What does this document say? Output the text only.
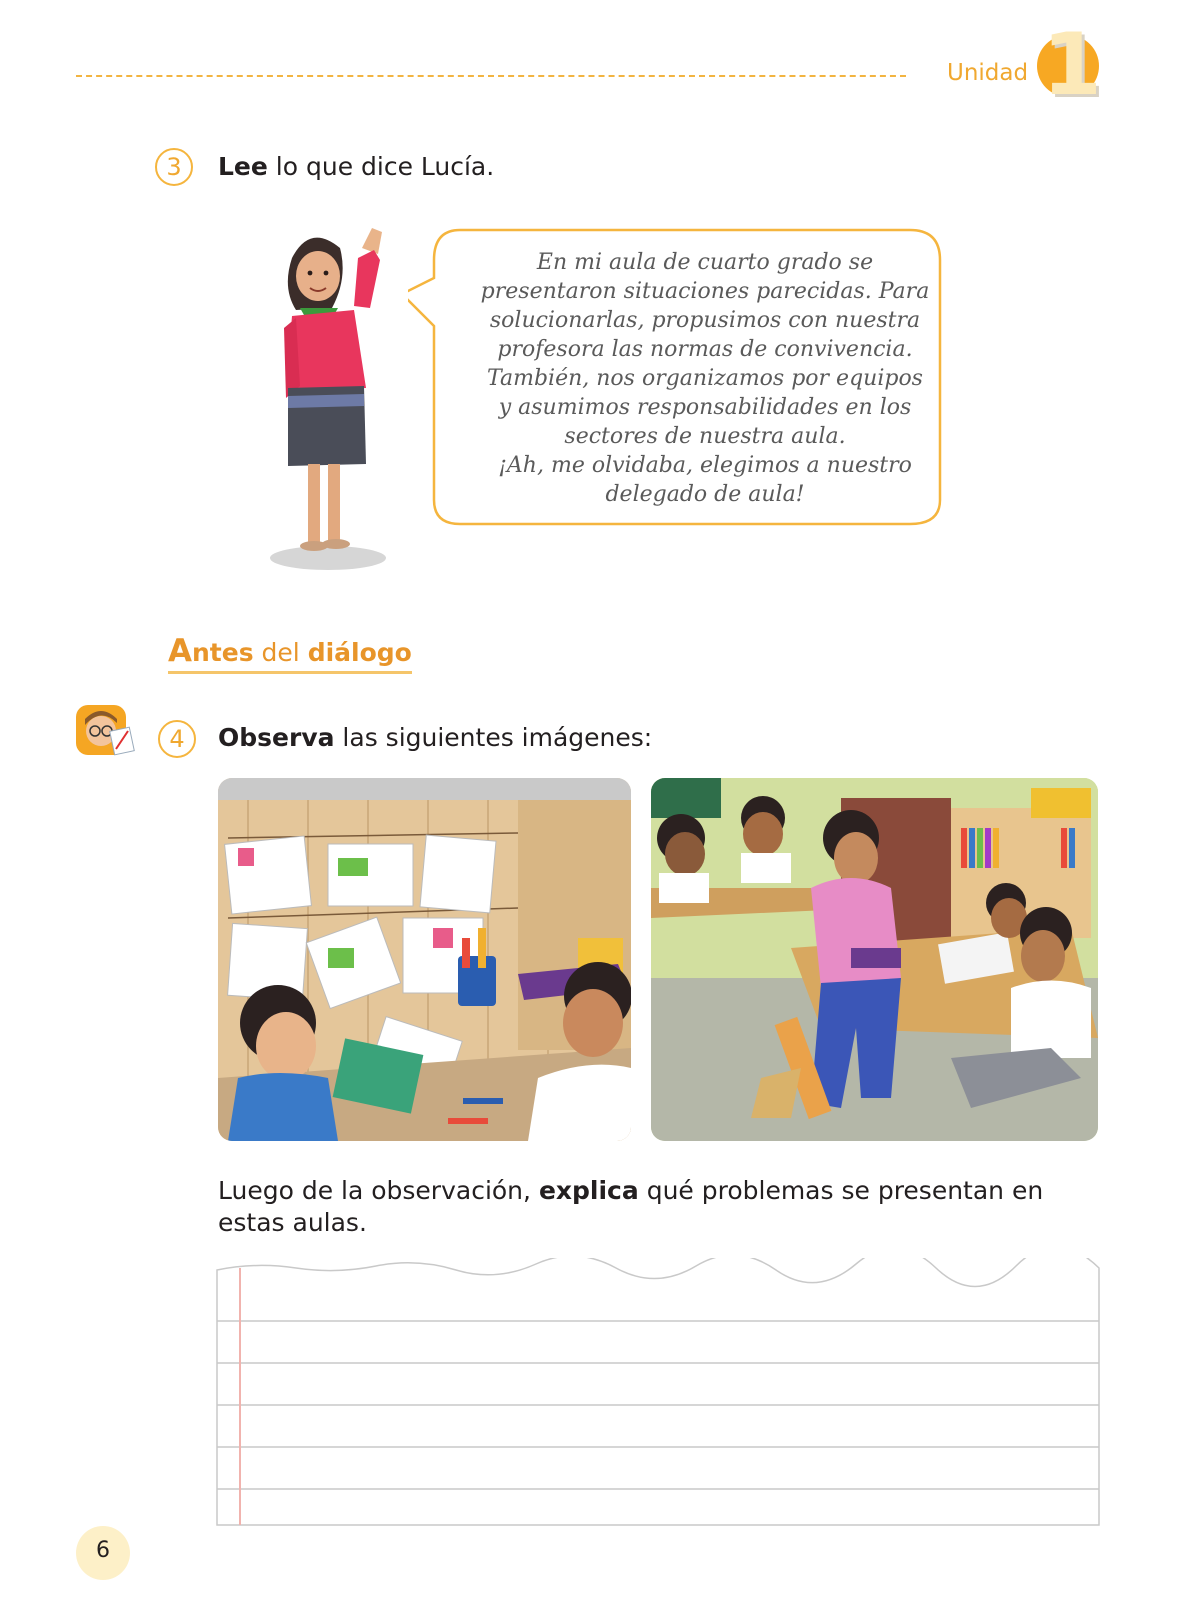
Unidad 1
3	Lee lo que dice Lucía.
En mi aula de cuarto grado se
presentaron situaciones parecidas. Para
solucionarlas, propusimos con nuestra
profesora las normas de convivencia.
También, nos organizamos por equipos
y asumimos responsabilidades en los
sectores de nuestra aula.
¡Ah, me olvidaba, elegimos a nuestro
delegado de aula!
Antes del diálogo
4	Observa las siguientes imágenes:
Luego de la observación, explica qué problemas se presentan en estas aulas.
6
